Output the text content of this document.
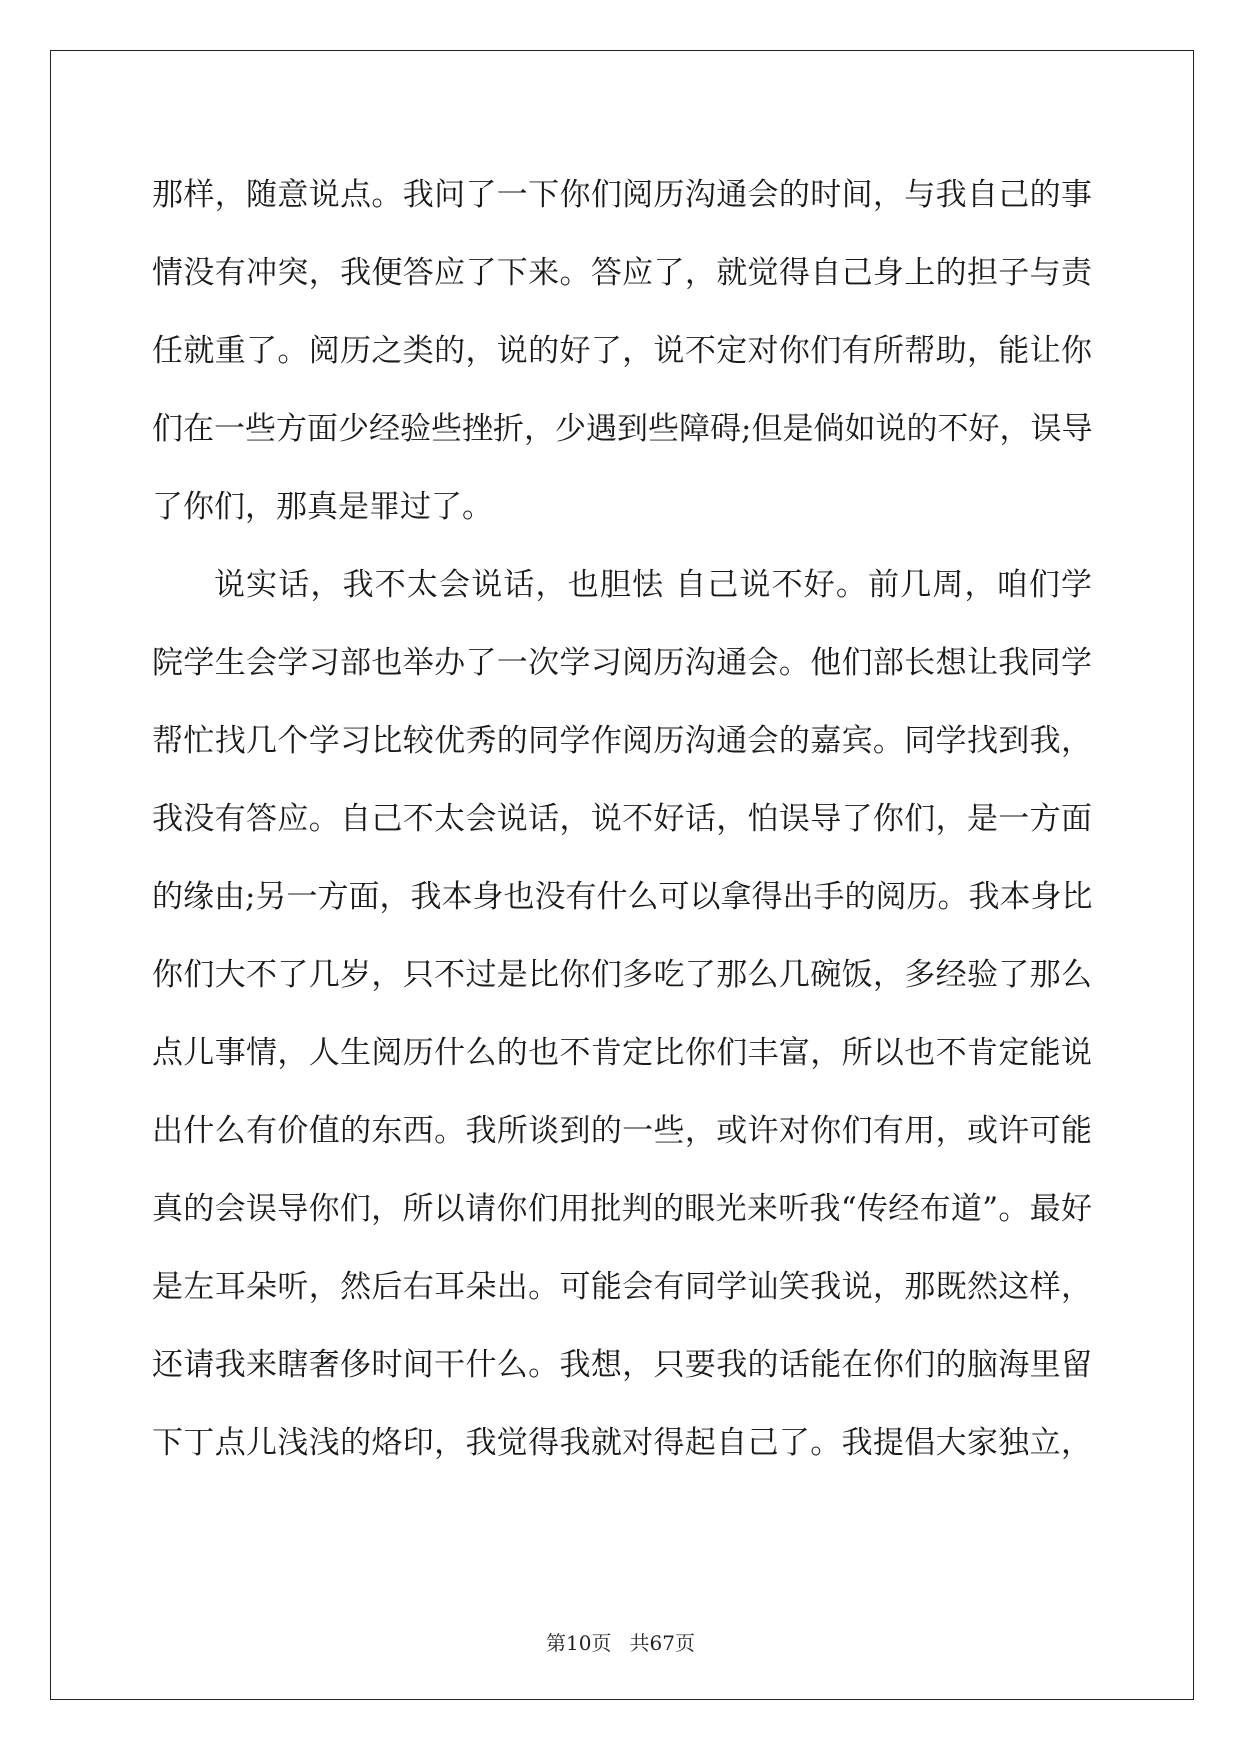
那样，随意说点。我问了一下你们阅历沟通会的时间，与我自己的事
情没有冲突，我便答应了下来。答应了，就觉得自己身上的担子与责
任就重了。阅历之类的，说的好了，说不定对你们有所帮助，能让你
们在一些方面少经验些挫折，少遇到些障碍;但是倘如说的不好，误导
了你们，那真是罪过了。
说实话，我不太会说话，也胆怯 自己说不好。前几周，咱们学
院学生会学习部也举办了一次学习阅历沟通会。他们部长想让我同学
帮忙找几个学习比较优秀的同学作阅历沟通会的嘉宾。同学找到我，
我没有答应。自己不太会说话，说不好话，怕误导了你们，是一方面
的缘由;另一方面，我本身也没有什么可以拿得出手的阅历。我本身比
你们大不了几岁，只不过是比你们多吃了那么几碗饭，多经验了那么
点儿事情，人生阅历什么的也不肯定比你们丰富，所以也不肯定能说
出什么有价值的东西。我所谈到的一些，或许对你们有用，或许可能
真的会误导你们，所以请你们用批判的眼光来听我“传经布道”。最好
是左耳朵听，然后右耳朵出。可能会有同学讪笑我说，那既然这样，
还请我来瞎奢侈时间干什么。我想，只要我的话能在你们的脑海里留
下丁点儿浅浅的烙印，我觉得我就对得起自己了。我提倡大家独立，
第10页 共67页
